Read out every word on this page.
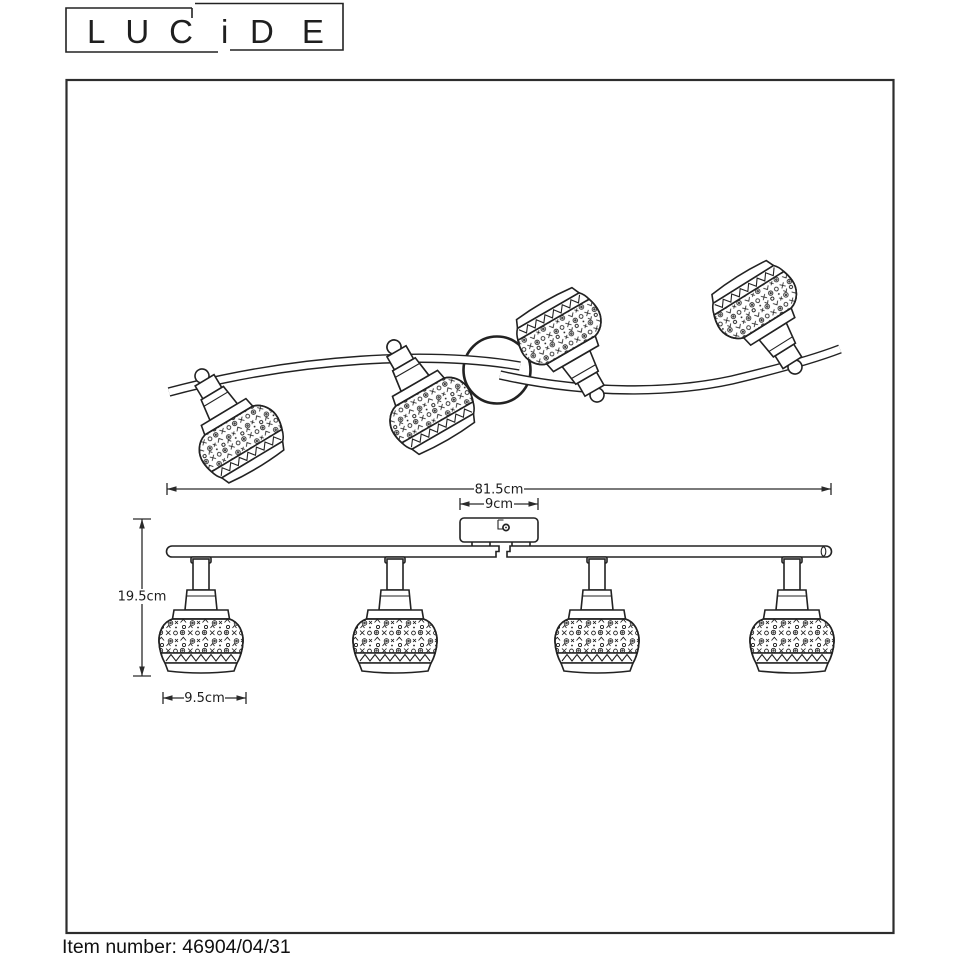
LUC i DE
81.5cm
9cm
19.5cm
9.5cm
Item number: 46904/04/31
